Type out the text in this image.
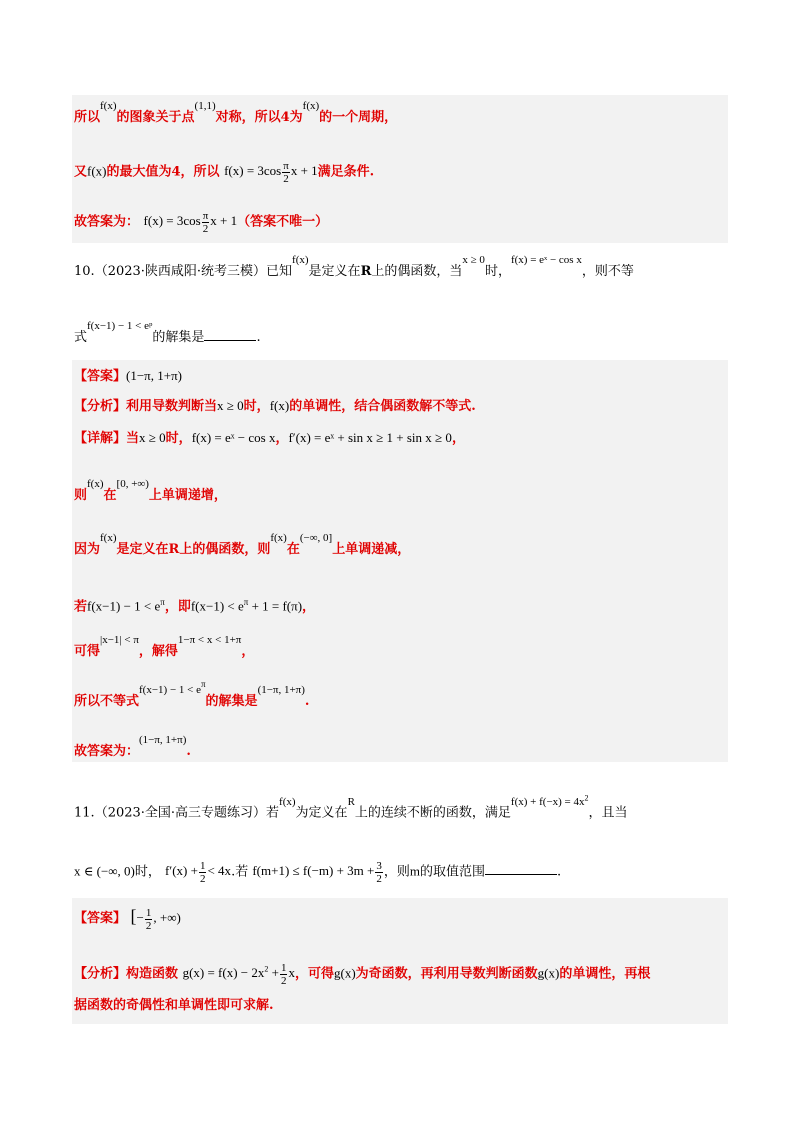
所以$^{f(x)}$的图象关于点$^{(1,1)}$对称，所以4为$^{f(x)}$的一个周期，
又f(x)的最大值为4，所以 $f(x) = 3\cos \frac{\pi}{2}$ x + 1满足条件.
故答案为： $f(x) = 3\cos \frac{\pi}{2}$ x + 1（答案不唯一）
10.（2023·陕西咸阳·统考三模）已知$^{f(x)}$是定义在R上的偶函数，当$^{x \ge 0}$时，$^{f(x) = eˣ - cos x}$，则不等
式$^{f(x-1) - 1 < eᵖ}$的解集是	.
【答案】(1−π, 1+π)
【分析】利用导数判断当x ≥ 0时，f(x)的单调性，结合偶函数解不等式.
【详解】当x ≥ 0时，f(x) = eˣ − cos x，f′(x) = eˣ + sin x ≥ 1 + sin x ≥ 0，
则$^{f(x)}$在$^{[0, +\infty)}$上单调递增，
因为$^{f(x)}$是定义在R上的偶函数，则$^{f(x)}$在$^{(-\infty, 0]}$上单调递减，
若$f(x-1) - 1 < e^\pi$，即$f(x-1) < e^\pi + 1 = f(\pi)$，
可得$^{|x-1| < \pi}$，解得$^{1-\pi < x < 1+\pi}$，
所以不等式$^{f(x-1) - 1 < e\pi}$的解集是$^{(1-\pi, 1+\pi)}$.
故答案为：$^{(1-\pi, 1+\pi)}$.
11.（2023·全国·高三专题练习）若$^{f(x)}$为定义在$^R$上的连续不断的函数，满足$^{f(x) + f(-x) = 4x^2}$，且当
x ∈ (−∞, 0)时， $f'(x) + \frac{1}{2} < 4x$.若 $f(m+1) \le f(-m) + 3m + \frac{3}{2}$ ，则m的取值范围	.
【答案】 [− $\frac{1}{2}$ , +∞)
【分析】构造函数 $g(x) = f(x) - 2x^2 + \frac{1}{2}$ x，可得g(x)为奇函数，再利用导数判断函数g(x)的单调性，再根
据函数的奇偶性和单调性即可求解.
